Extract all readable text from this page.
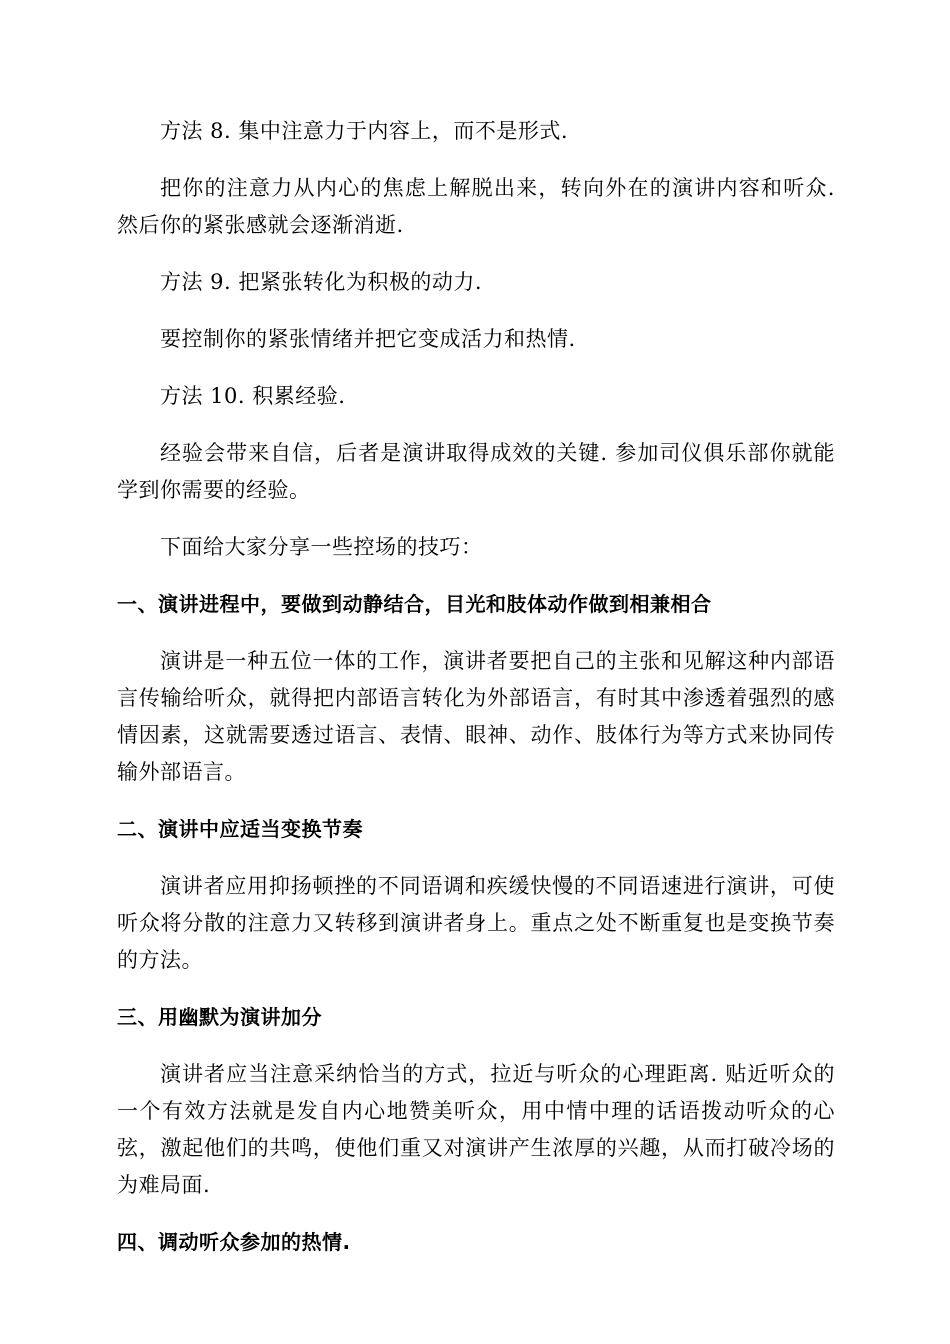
方法 8. 集中注意力于内容上，而不是形式.

把你的注意力从内心的焦虑上解脱出来，转向外在的演讲内容和听众. 然后你的紧张感就会逐渐消逝.

方法 9. 把紧张转化为积极的动力.

要控制你的紧张情绪并把它变成活力和热情.

方法 10. 积累经验.

经验会带来自信，后者是演讲取得成效的关键. 参加司仪俱乐部你就能学到你需要的经验。

下面给大家分享一些控场的技巧：

一、演讲进程中，要做到动静结合，目光和肢体动作做到相兼相合

演讲是一种五位一体的工作，演讲者要把自己的主张和见解这种内部语言传输给听众，就得把内部语言转化为外部语言，有时其中渗透着强烈的感情因素，这就需要透过语言、表情、眼神、动作、肢体行为等方式来协同传输外部语言。

二、演讲中应适当变换节奏

演讲者应用抑扬顿挫的不同语调和疾缓快慢的不同语速进行演讲，可使听众将分散的注意力又转移到演讲者身上。重点之处不断重复也是变换节奏的方法。

三、用幽默为演讲加分

演讲者应当注意采纳恰当的方式，拉近与听众的心理距离. 贴近听众的一个有效方法就是发自内心地赞美听众，用中情中理的话语拨动听众的心弦，激起他们的共鸣，使他们重又对演讲产生浓厚的兴趣，从而打破冷场的为难局面.

四、调动听众参加的热情.
